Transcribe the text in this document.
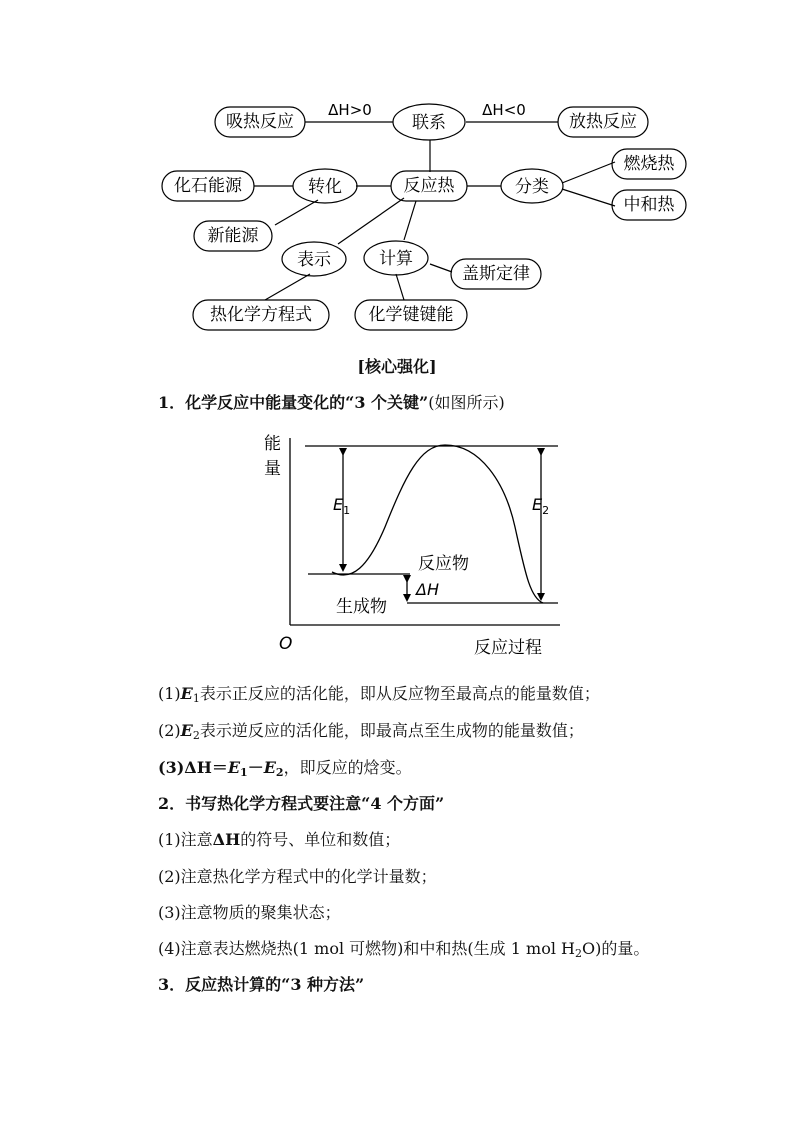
吸热反应	联系	放热反应
化石能源	转化	反应热	分类
燃烧热
中和热
新能源
表示	计算
盖斯定律
热化学方程式	化学键键能
ΔH>0	ΔH<0
[核心强化]
1．化学反应中能量变化的“3 个关键”(如图所示)
能
量
O	反应过程
反应物
生成物
$E_1$	$E_2$
ΔH
$(1)E_1$表示正反应的活化能，即从反应物至最高点的能量数值；
$(2)E_2$表示逆反应的活化能，即最高点至生成物的能量数值；
$(3)\Delta H=E_1-E_2$，即反应的焓变。
2．书写热化学方程式要注意“4 个方面”
(1)注意ΔH的符号、单位和数值；
(2)注意热化学方程式中的化学计量数；
(3)注意物质的聚集状态；
(4)注意表达燃烧热(1 mol 可燃物)和中和热(生成 1 mol $H_2O$)的量。
3．反应热计算的“3 种方法”
